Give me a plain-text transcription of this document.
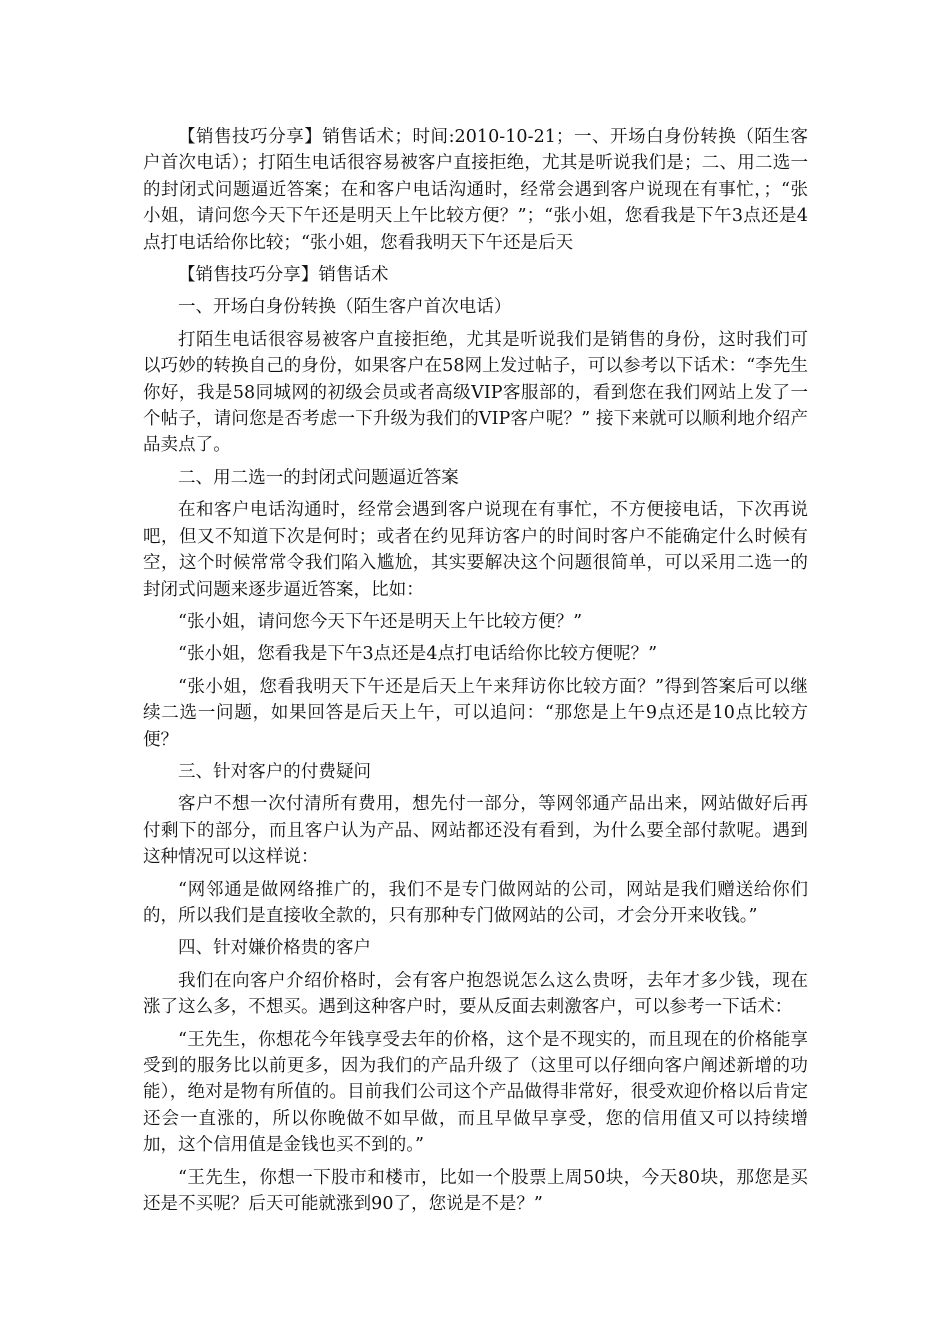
【销售技巧分享】销售话术；时间:2010-10-21；一、开场白身份转换（陌生客户首次电话）；打陌生电话很容易被客户直接拒绝，尤其是听说我们是；二、用二选一的封闭式问题逼近答案；在和客户电话沟通时，经常会遇到客户说现在有事忙，；“张小姐，请问您今天下午还是明天上午比较方便？”；“张小姐，您看我是下午3点还是4点打电话给你比较；“张小姐，您看我明天下午还是后天

【销售技巧分享】销售话术

一、开场白身份转换（陌生客户首次电话）

打陌生电话很容易被客户直接拒绝，尤其是听说我们是销售的身份，这时我们可以巧妙的转换自己的身份，如果客户在58网上发过帖子，可以参考以下话术：“李先生你好，我是58同城网的初级会员或者高级VIP客服部的，看到您在我们网站上发了一个帖子，请问您是否考虑一下升级为我们的VIP客户呢？” 接下来就可以顺利地介绍产品卖点了。

二、用二选一的封闭式问题逼近答案

在和客户电话沟通时，经常会遇到客户说现在有事忙，不方便接电话，下次再说吧，但又不知道下次是何时；或者在约见拜访客户的时间时客户不能确定什么时候有空，这个时候常常令我们陷入尴尬，其实要解决这个问题很简单，可以采用二选一的封闭式问题来逐步逼近答案，比如：

“张小姐，请问您今天下午还是明天上午比较方便？”

“张小姐，您看我是下午3点还是4点打电话给你比较方便呢？”

“张小姐，您看我明天下午还是后天上午来拜访你比较方面？”得到答案后可以继续二选一问题，如果回答是后天上午，可以追问：“那您是上午9点还是10点比较方便？

三、针对客户的付费疑问

客户不想一次付清所有费用，想先付一部分，等网邻通产品出来，网站做好后再付剩下的部分，而且客户认为产品、网站都还没有看到，为什么要全部付款呢。遇到这种情况可以这样说：

“网邻通是做网络推广的，我们不是专门做网站的公司，网站是我们赠送给你们的，所以我们是直接收全款的，只有那种专门做网站的公司，才会分开来收钱。”

四、针对嫌价格贵的客户

我们在向客户介绍价格时，会有客户抱怨说怎么这么贵呀，去年才多少钱，现在涨了这么多，不想买。遇到这种客户时，要从反面去刺激客户，可以参考一下话术：

“王先生，你想花今年钱享受去年的价格，这个是不现实的，而且现在的价格能享受到的服务比以前更多，因为我们的产品升级了（这里可以仔细向客户阐述新增的功能），绝对是物有所值的。目前我们公司这个产品做得非常好，很受欢迎价格以后肯定还会一直涨的，所以你晚做不如早做，而且早做早享受，您的信用值又可以持续增加，这个信用值是金钱也买不到的。”

“王先生，你想一下股市和楼市，比如一个股票上周50块，今天80块，那您是买还是不买呢？后天可能就涨到90了，您说是不是？”
